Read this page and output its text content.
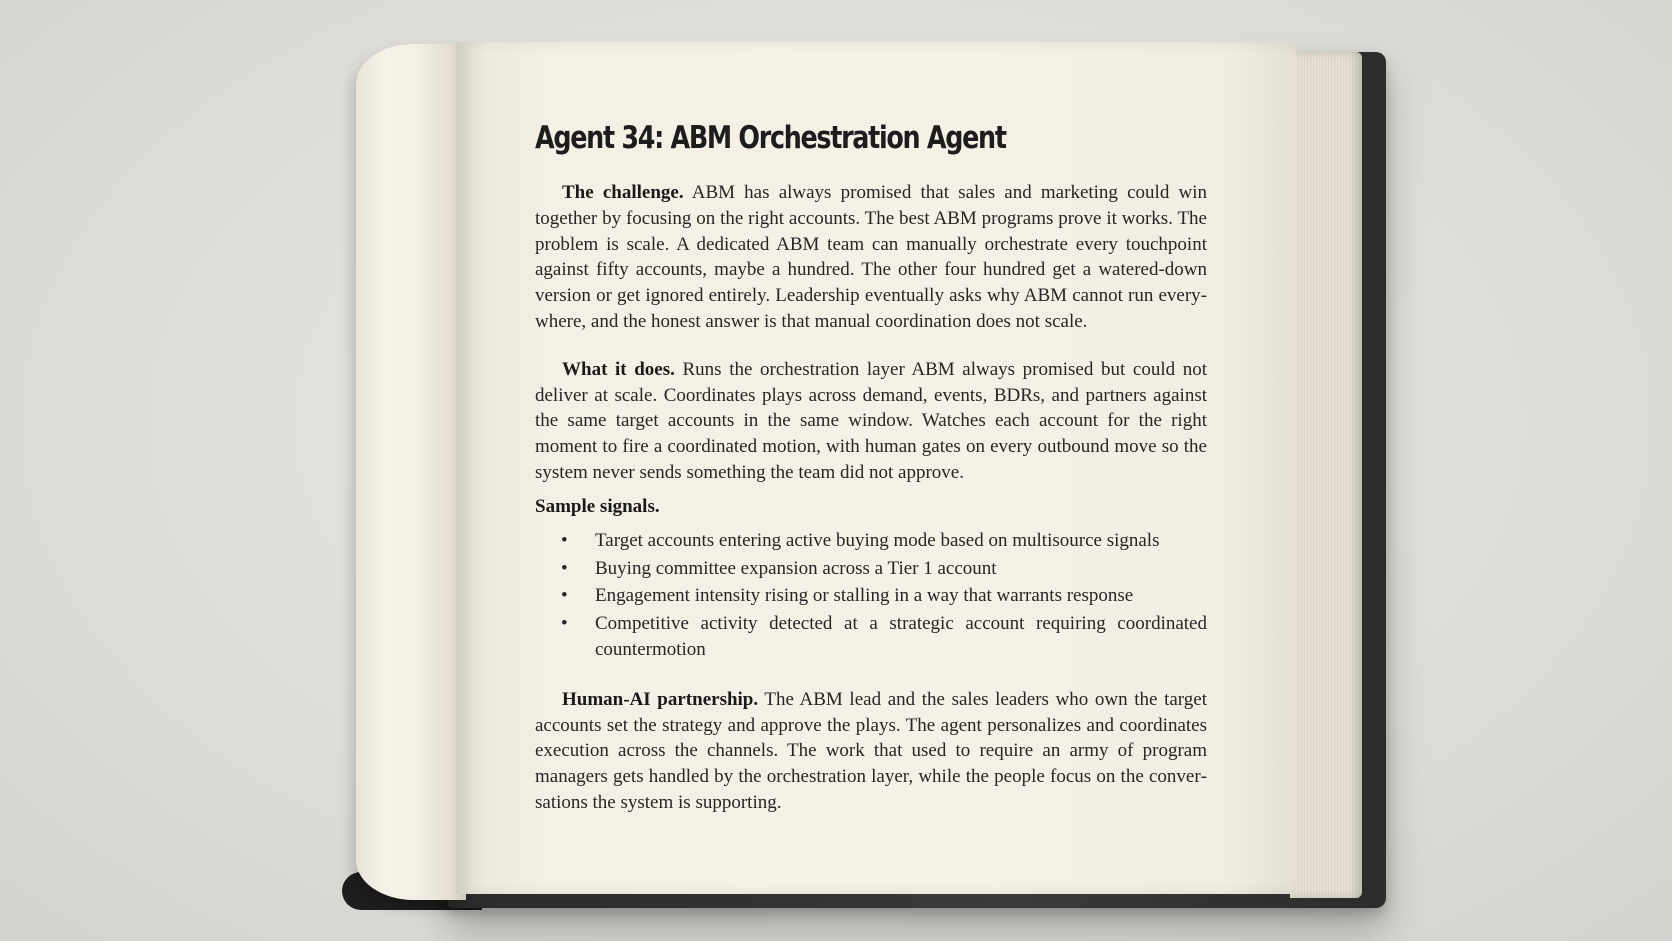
Agent 34: ABM Orchestration Agent

The challenge. ABM has always promised that sales and marketing could win together by focusing on the right accounts. The best ABM programs prove it works. The problem is scale. A dedicated ABM team can manually orchestrate every touchpoint against fifty accounts, maybe a hundred. The other four hundred get a watered-down version or get ignored entirely. Leadership eventually asks why ABM cannot run everywhere, and the honest answer is that manual coordination does not scale.

What it does. Runs the orchestration layer ABM always promised but could not deliver at scale. Coordinates plays across demand, events, BDRs, and partners against the same target accounts in the same window. Watches each account for the right moment to fire a coordinated motion, with human gates on every outbound move so the system never sends something the team did not approve.

Sample signals.
• Target accounts entering active buying mode based on multisource signals
• Buying committee expansion across a Tier 1 account
• Engagement intensity rising or stalling in a way that warrants response
• Competitive activity detected at a strategic account requiring coordinated countermotion

Human-AI partnership. The ABM lead and the sales leaders who own the target accounts set the strategy and approve the plays. The agent personalizes and coordinates execution across the channels. The work that used to require an army of program managers gets handled by the orchestration layer, while the people focus on the conversations the system is supporting.
